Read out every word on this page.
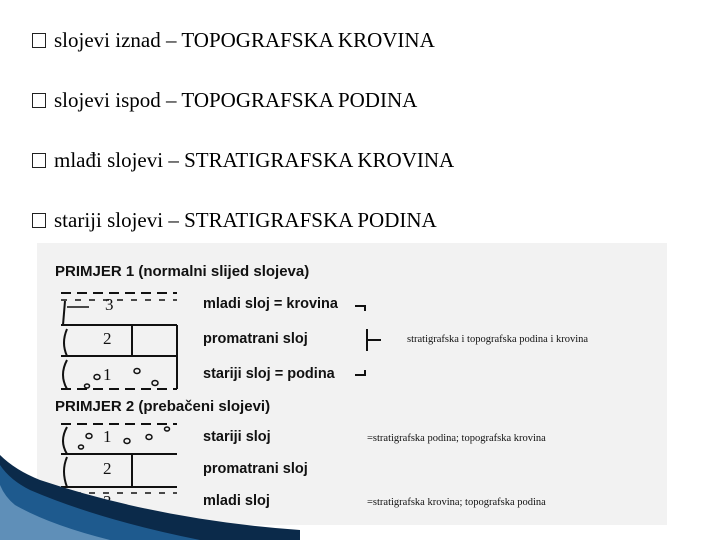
slojevi iznad – TOPOGRAFSKA KROVINA
slojevi ispod – TOPOGRAFSKA PODINA
mlađi slojevi – STRATIGRAFSKA KROVINA
stariji slojevi – STRATIGRAFSKA PODINA
PRIMJER 1 (normalni slijed slojeva)
3
2
1
mladi sloj = krovina
promatrani sloj
stariji sloj = podina
stratigrafska i topografska podina i krovina
PRIMJER 2 (prebačeni slojevi)
1
2
stariji sloj
promatrani sloj
mladi sloj
=stratigrafska podina; topografska krovina
=stratigrafska krovina; topografska podina
